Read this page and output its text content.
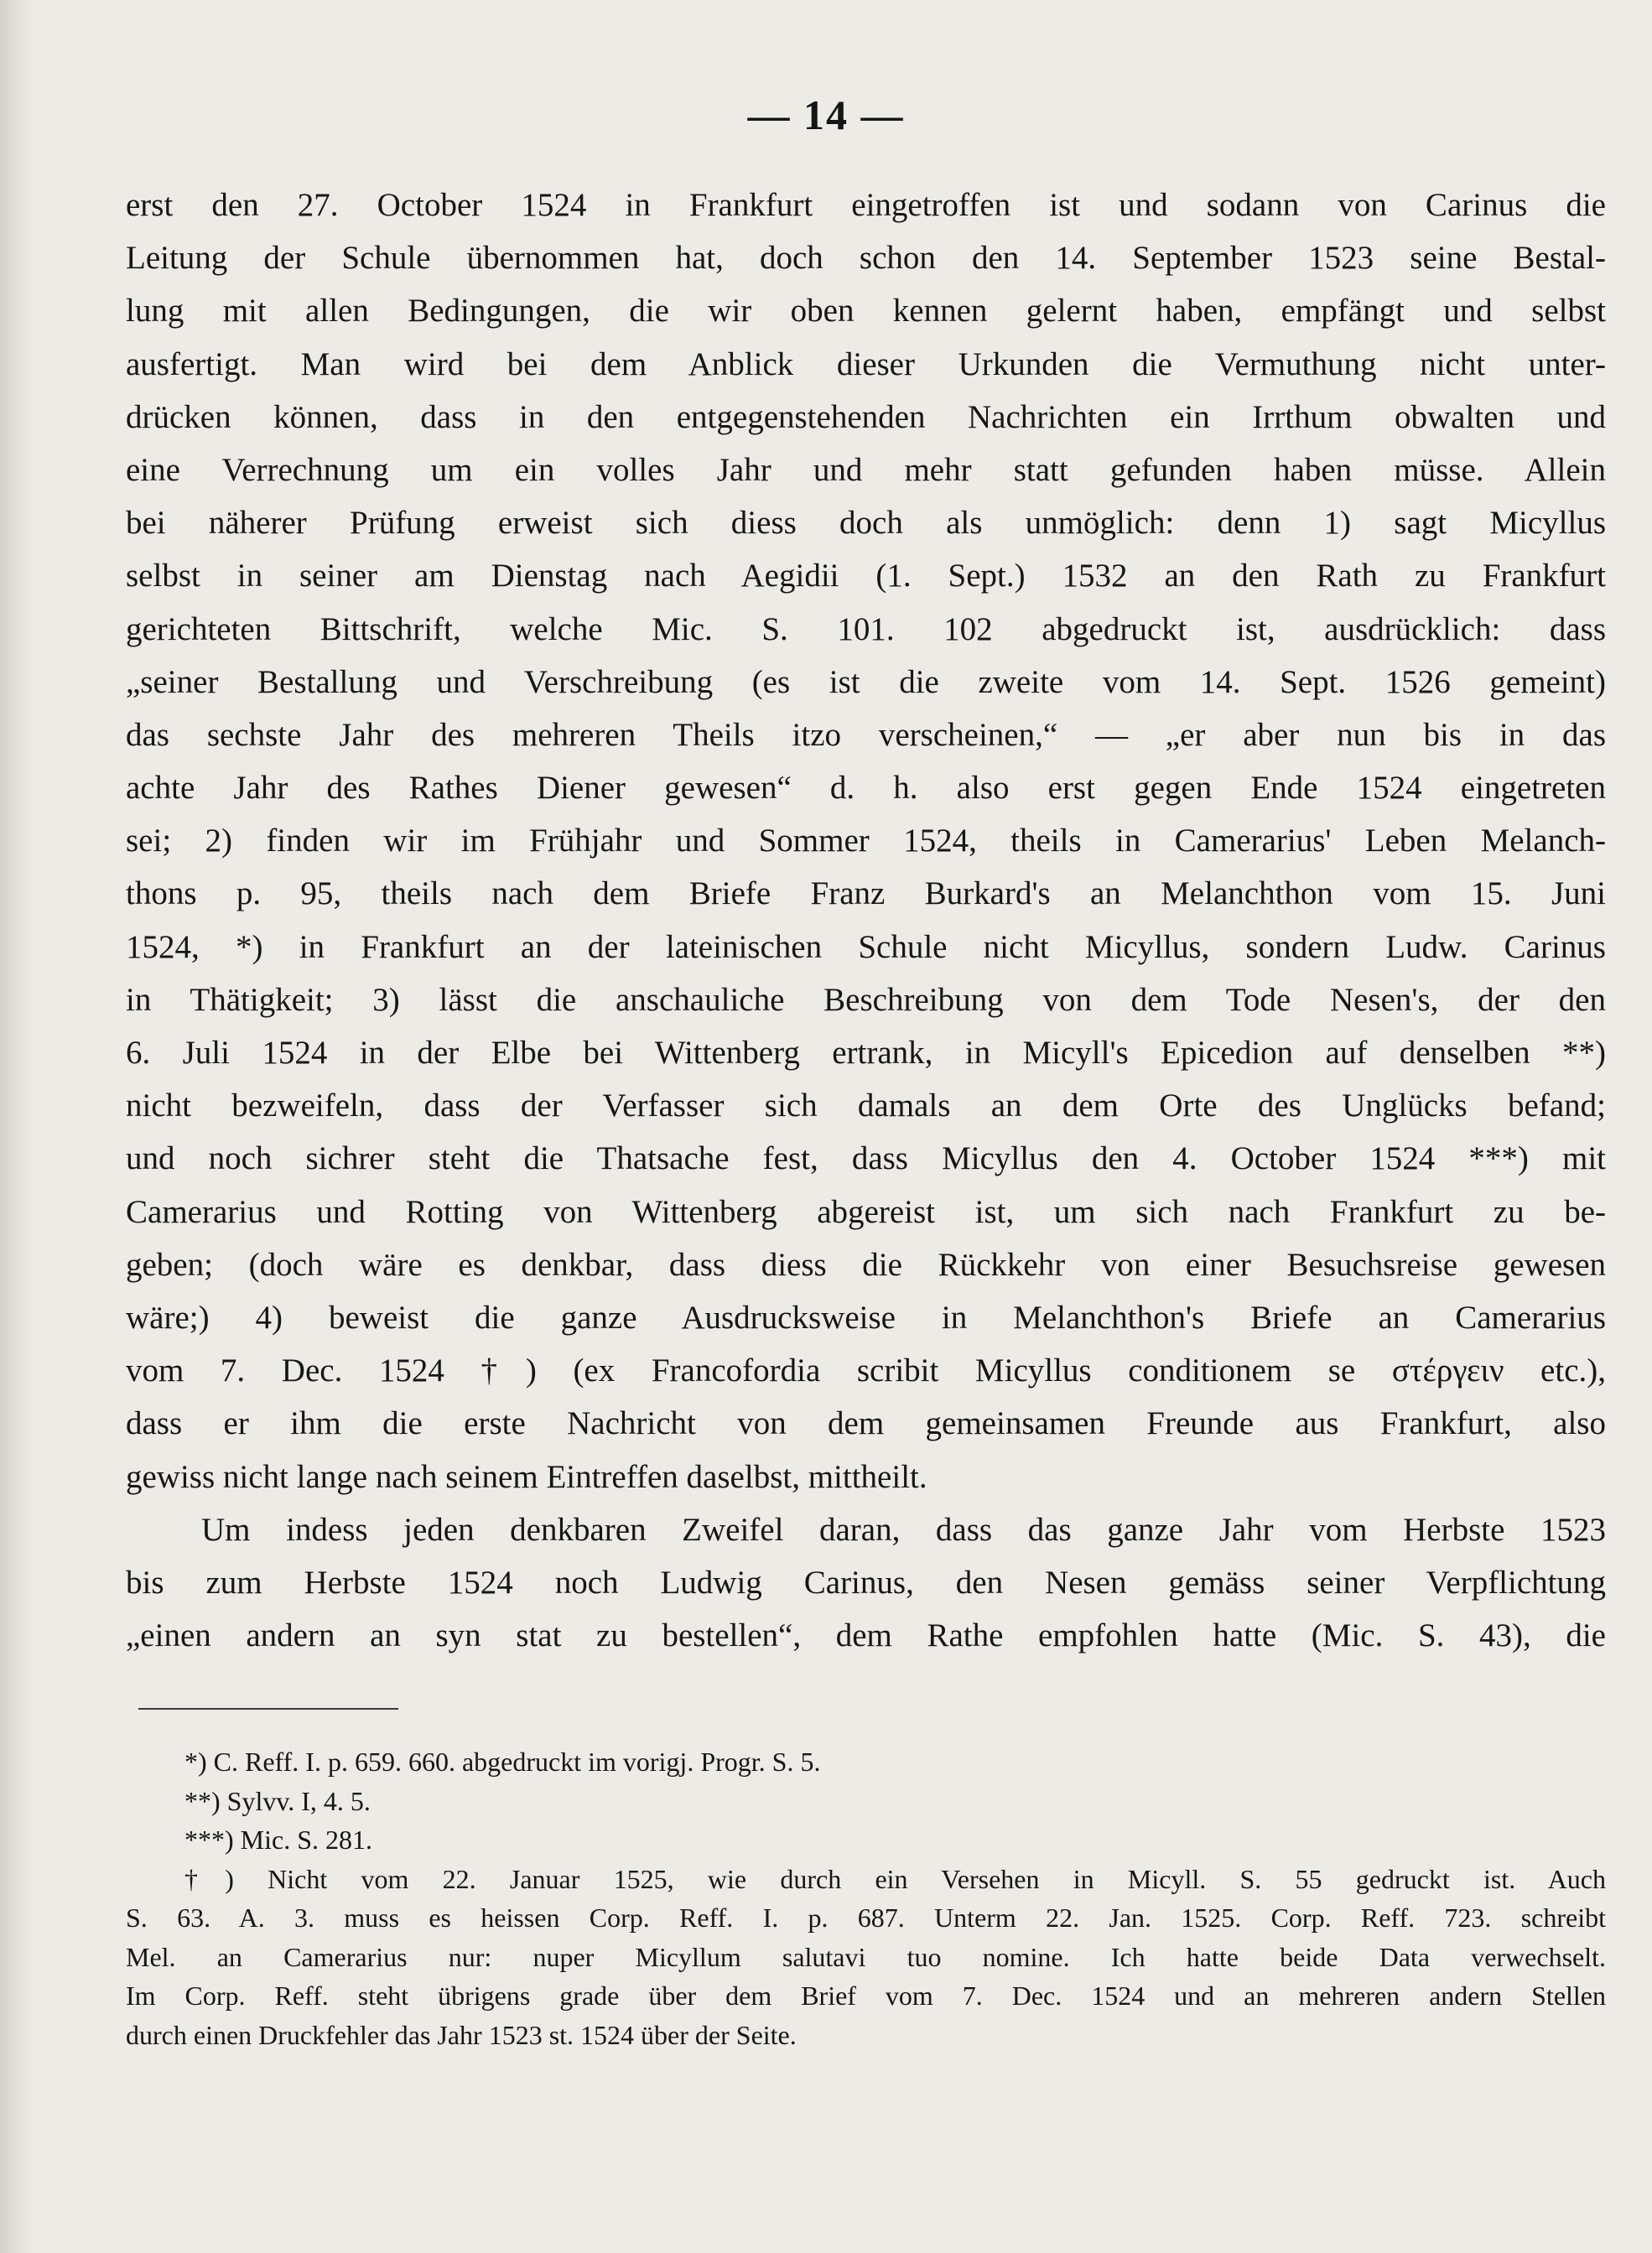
— 14 —
erst den 27. October 1524 in Frankfurt eingetroffen ist und sodann von Carinus die
Leitung der Schule übernommen hat, doch schon den 14. September 1523 seine Bestal-
lung mit allen Bedingungen, die wir oben kennen gelernt haben, empfängt und selbst
ausfertigt. Man wird bei dem Anblick dieser Urkunden die Vermuthung nicht unter-
drücken können, dass in den entgegenstehenden Nachrichten ein Irrthum obwalten und
eine Verrechnung um ein volles Jahr und mehr statt gefunden haben müsse. Allein
bei näherer Prüfung erweist sich diess doch als unmöglich: denn 1) sagt Micyllus
selbst in seiner am Dienstag nach Aegidii (1. Sept.) 1532 an den Rath zu Frankfurt
gerichteten Bittschrift, welche Mic. S. 101. 102 abgedruckt ist, ausdrücklich: dass
„seiner Bestallung und Verschreibung (es ist die zweite vom 14. Sept. 1526 gemeint)
das sechste Jahr des mehreren Theils itzo verscheinen,“ — „er aber nun bis in das
achte Jahr des Rathes Diener gewesen“ d. h. also erst gegen Ende 1524 eingetreten
sei; 2) finden wir im Frühjahr und Sommer 1524, theils in Camerarius' Leben Melanch-
thons p. 95, theils nach dem Briefe Franz Burkard's an Melanchthon vom 15. Juni
1524, *) in Frankfurt an der lateinischen Schule nicht Micyllus, sondern Ludw. Carinus
in Thätigkeit; 3) lässt die anschauliche Beschreibung von dem Tode Nesen's, der den
6. Juli 1524 in der Elbe bei Wittenberg ertrank, in Micyll's Epicedion auf denselben **)
nicht bezweifeln, dass der Verfasser sich damals an dem Orte des Unglücks befand;
und noch sichrer steht die Thatsache fest, dass Micyllus den 4. October 1524 ***) mit
Camerarius und Rotting von Wittenberg abgereist ist, um sich nach Frankfurt zu be-
geben; (doch wäre es denkbar, dass diess die Rückkehr von einer Besuchsreise gewesen
wäre;) 4) beweist die ganze Ausdrucksweise in Melanchthon's Briefe an Camerarius
vom 7. Dec. 1524 †) (ex Francofordia scribit Micyllus conditionem se στέργειν etc.),
dass er ihm die erste Nachricht von dem gemeinsamen Freunde aus Frankfurt, also
gewiss nicht lange nach seinem Eintreffen daselbst, mittheilt.
Um indess jeden denkbaren Zweifel daran, dass das ganze Jahr vom Herbste 1523
bis zum Herbste 1524 noch Ludwig Carinus, den Nesen gemäss seiner Verpflichtung
„einen andern an syn stat zu bestellen“, dem Rathe empfohlen hatte (Mic. S. 43), die
*) C. Reff. I. p. 659. 660. abgedruckt im vorigj. Progr. S. 5.
**) Sylvv. I, 4. 5.
***) Mic. S. 281.
†) Nicht vom 22. Januar 1525, wie durch ein Versehen in Micyll. S. 55 gedruckt ist. Auch
S. 63. A. 3. muss es heissen Corp. Reff. I. p. 687. Unterm 22. Jan. 1525. Corp. Reff. 723. schreibt
Mel. an Camerarius nur: nuper Micyllum salutavi tuo nomine. Ich hatte beide Data verwechselt.
Im Corp. Reff. steht übrigens grade über dem Brief vom 7. Dec. 1524 und an mehreren andern Stellen
durch einen Druckfehler das Jahr 1523 st. 1524 über der Seite.
